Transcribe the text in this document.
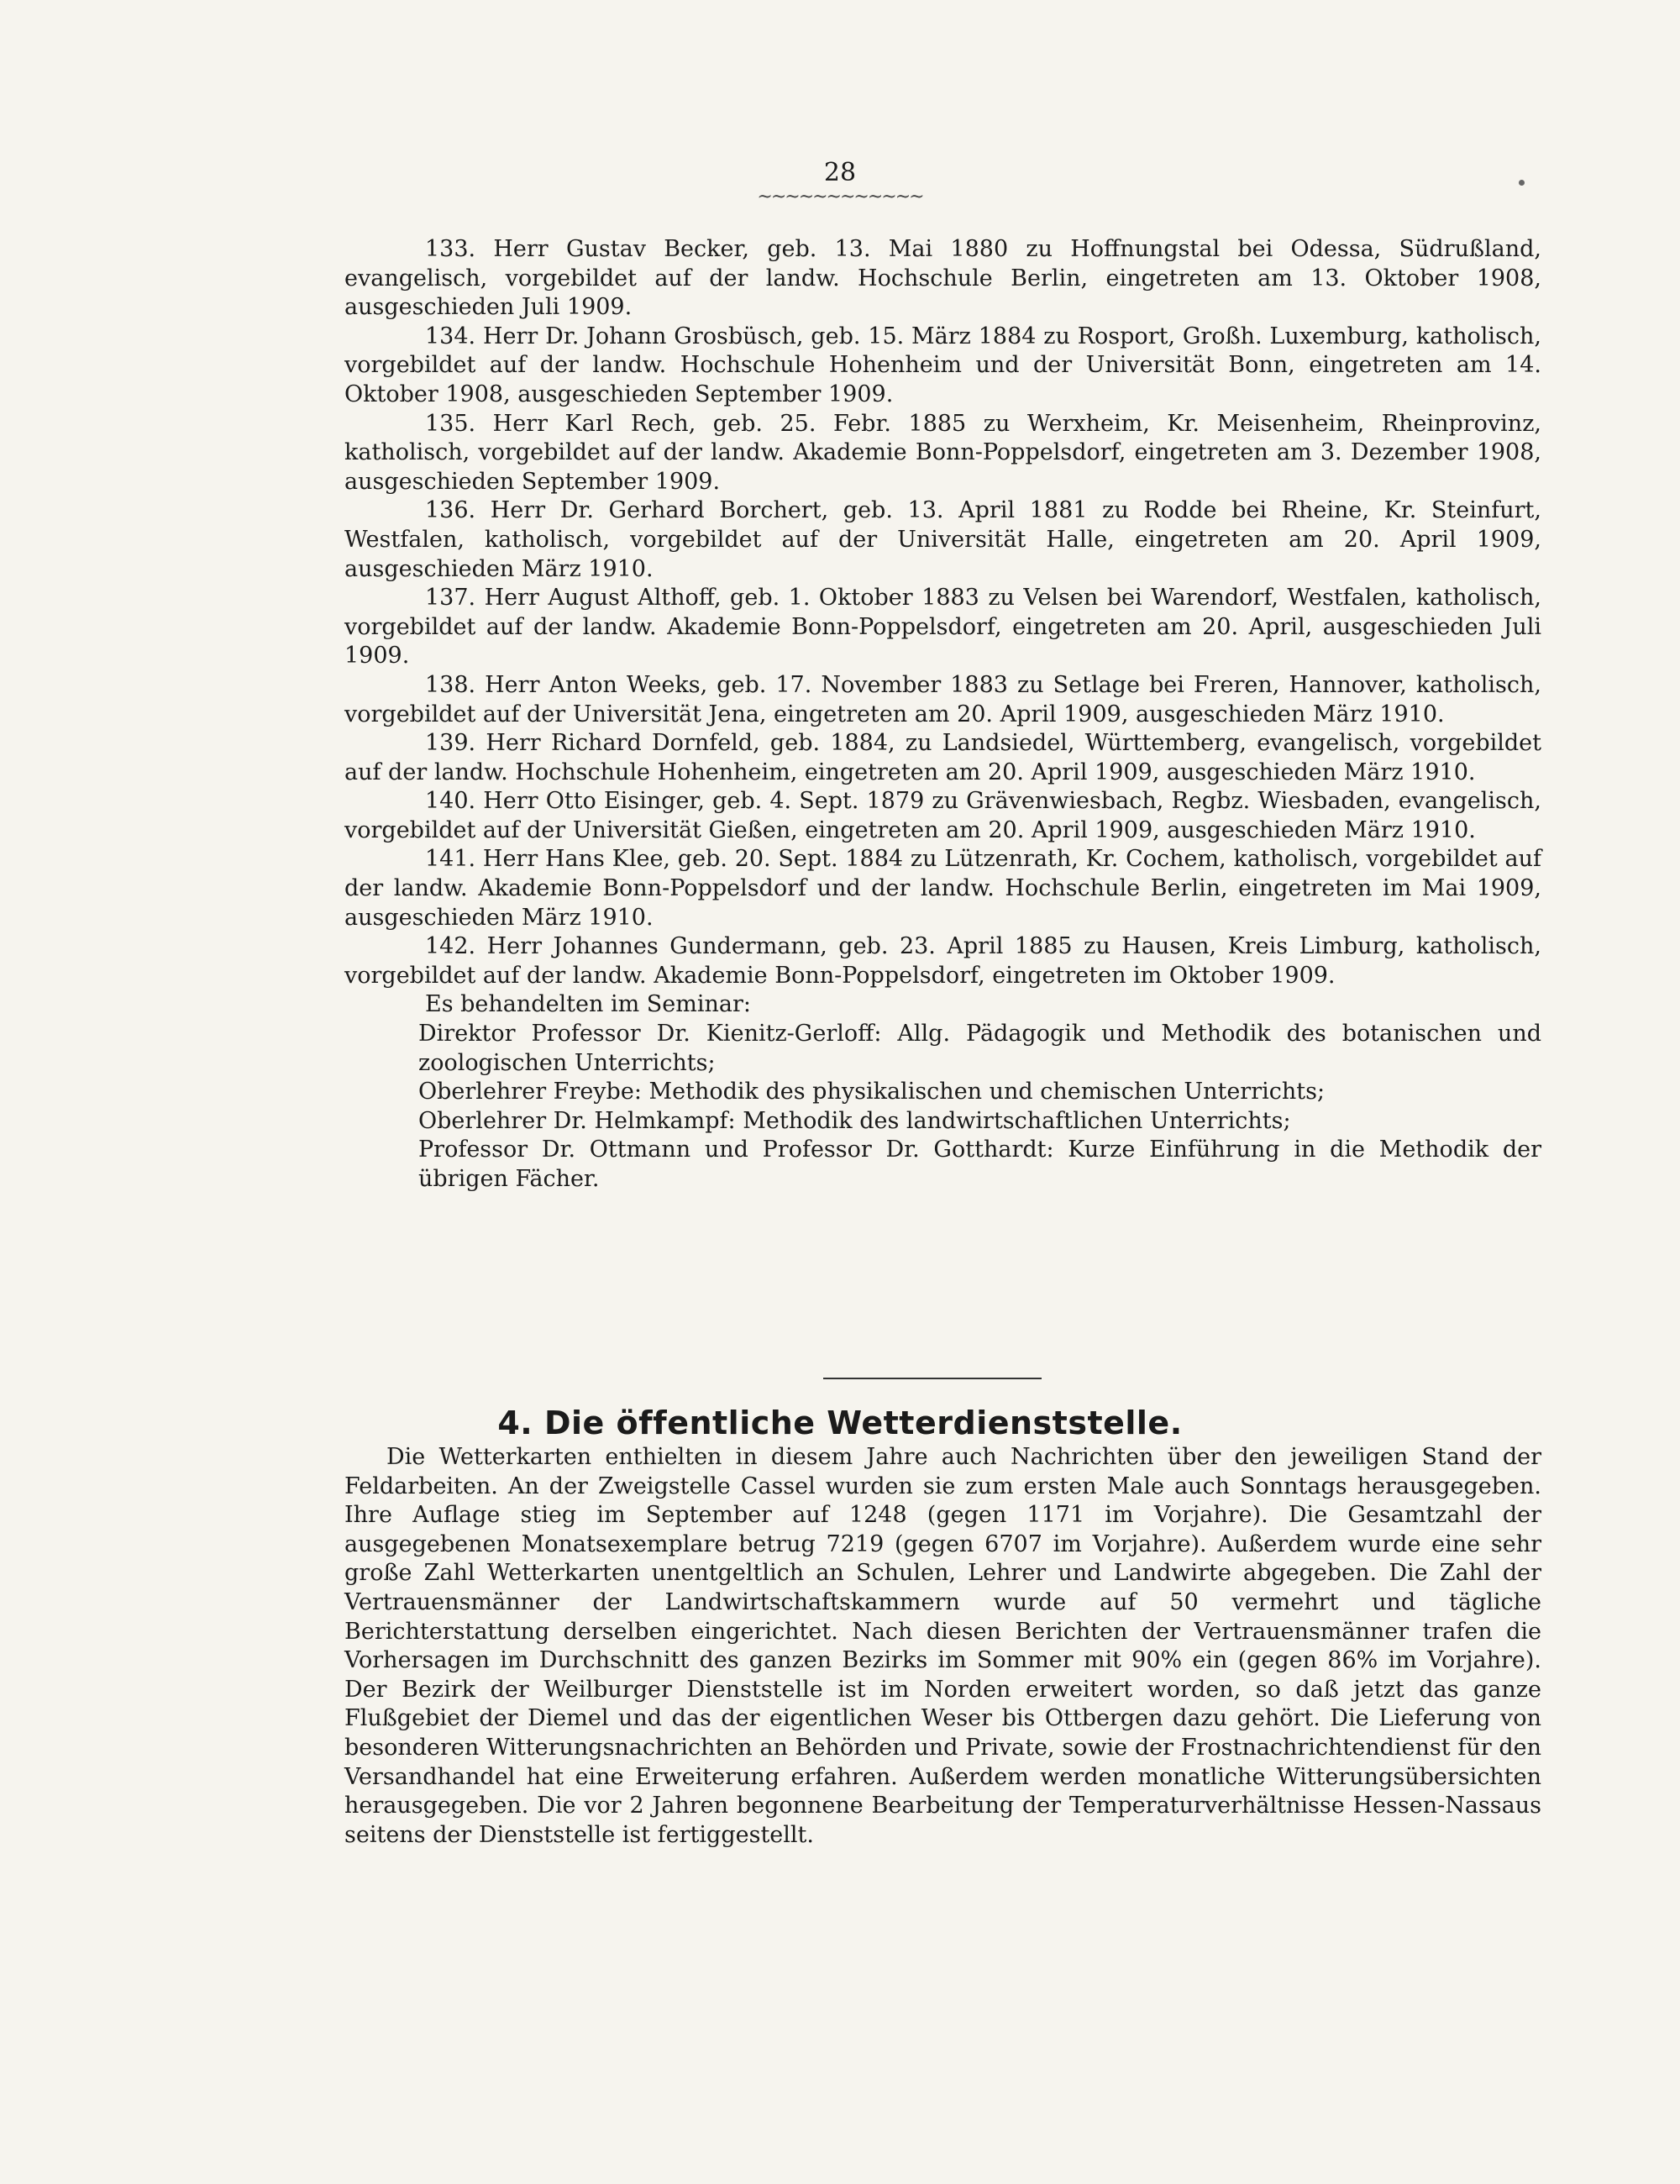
28
~~~~~~~~~~~~

133. Herr Gustav Becker, geb. 13. Mai 1880 zu Hoffnungstal bei Odessa, Südrußland, evangelisch, vorgebildet auf der landw. Hochschule Berlin, eingetreten am 13. Oktober 1908, ausgeschieden Juli 1909.

134. Herr Dr. Johann Grosbüsch, geb. 15. März 1884 zu Rosport, Großh. Luxemburg, katholisch, vorgebildet auf der landw. Hochschule Hohenheim und der Universität Bonn, eingetreten am 14. Oktober 1908, ausgeschieden September 1909.

135. Herr Karl Rech, geb. 25. Febr. 1885 zu Werxheim, Kr. Meisenheim, Rheinprovinz, katholisch, vorgebildet auf der landw. Akademie Bonn-Poppelsdorf, eingetreten am 3. Dezember 1908, ausgeschieden September 1909.

136. Herr Dr. Gerhard Borchert, geb. 13. April 1881 zu Rodde bei Rheine, Kr. Steinfurt, Westfalen, katholisch, vorgebildet auf der Universität Halle, eingetreten am 20. April 1909, ausgeschieden März 1910.

137. Herr August Althoff, geb. 1. Oktober 1883 zu Velsen bei Warendorf, Westfalen, katholisch, vorgebildet auf der landw. Akademie Bonn-Poppelsdorf, eingetreten am 20. April, ausgeschieden Juli 1909.

138. Herr Anton Weeks, geb. 17. November 1883 zu Setlage bei Freren, Hannover, katholisch, vorgebildet auf der Universität Jena, eingetreten am 20. April 1909, ausgeschieden März 1910.

139. Herr Richard Dornfeld, geb. 1884, zu Landsiedel, Württemberg, evangelisch, vorgebildet auf der landw. Hochschule Hohenheim, eingetreten am 20. April 1909, ausgeschieden März 1910.

140. Herr Otto Eisinger, geb. 4. Sept. 1879 zu Grävenwiesbach, Regbz. Wiesbaden, evangelisch, vorgebildet auf der Universität Gießen, eingetreten am 20. April 1909, ausgeschieden März 1910.

141. Herr Hans Klee, geb. 20. Sept. 1884 zu Lützenrath, Kr. Cochem, katholisch, vorgebildet auf der landw. Akademie Bonn-Poppelsdorf und der landw. Hochschule Berlin, eingetreten im Mai 1909, ausgeschieden März 1910.

142. Herr Johannes Gundermann, geb. 23. April 1885 zu Hausen, Kreis Limburg, katholisch, vorgebildet auf der landw. Akademie Bonn-Poppelsdorf, eingetreten im Oktober 1909.

Es behandelten im Seminar:

Direktor Professor Dr. Kienitz-Gerloff: Allg. Pädagogik und Methodik des botanischen und zoologischen Unterrichts;

Oberlehrer Freybe: Methodik des physikalischen und chemischen Unterrichts;

Oberlehrer Dr. Helmkampf: Methodik des landwirtschaftlichen Unterrichts;

Professor Dr. Ottmann und Professor Dr. Gotthardt: Kurze Einführung in die Methodik der übrigen Fächer.

4. Die öffentliche Wetterdienststelle.

Die Wetterkarten enthielten in diesem Jahre auch Nachrichten über den jeweiligen Stand der Feldarbeiten. An der Zweigstelle Cassel wurden sie zum ersten Male auch Sonntags herausgegeben. Ihre Auflage stieg im September auf 1248 (gegen 1171 im Vorjahre). Die Gesamtzahl der ausgegebenen Monatsexemplare betrug 7219 (gegen 6707 im Vorjahre). Außerdem wurde eine sehr große Zahl Wetterkarten unentgeltlich an Schulen, Lehrer und Landwirte abgegeben. Die Zahl der Vertrauensmänner der Landwirtschaftskammern wurde auf 50 vermehrt und tägliche Berichterstattung derselben eingerichtet. Nach diesen Berichten der Vertrauensmänner trafen die Vorhersagen im Durchschnitt des ganzen Bezirks im Sommer mit 90% ein (gegen 86% im Vorjahre). Der Bezirk der Weilburger Dienststelle ist im Norden erweitert worden, so daß jetzt das ganze Flußgebiet der Diemel und das der eigentlichen Weser bis Ottbergen dazu gehört. Die Lieferung von besonderen Witterungsnachrichten an Behörden und Private, sowie der Frostnachrichtendienst für den Versandhandel hat eine Erweiterung erfahren. Außerdem werden monatliche Witterungsübersichten herausgegeben. Die vor 2 Jahren begonnene Bearbeitung der Temperaturverhältnisse Hessen-Nassaus seitens der Dienststelle ist fertiggestellt.
